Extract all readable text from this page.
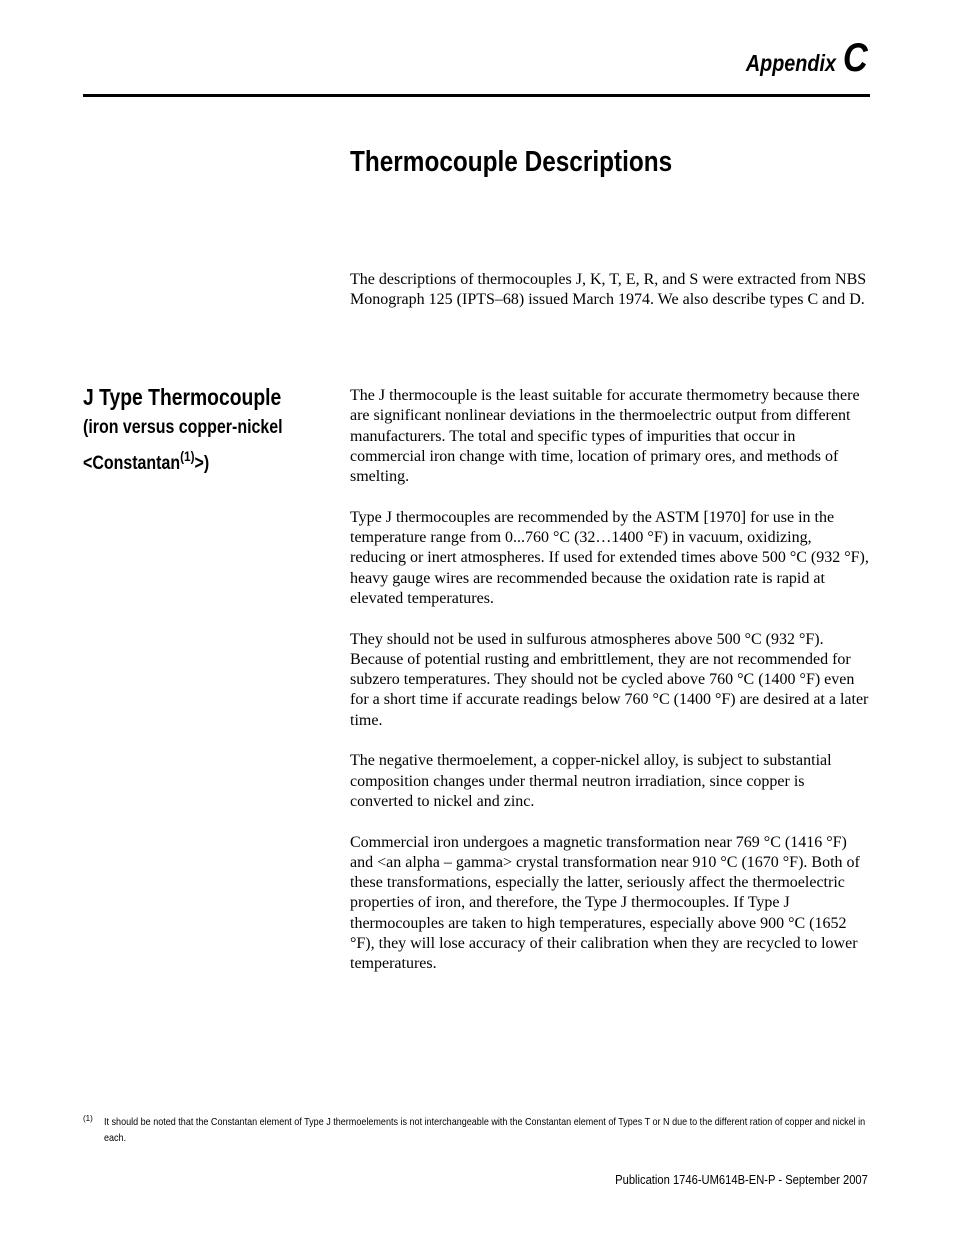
Appendix C
Thermocouple Descriptions

The descriptions of thermocouples J, K, T, E, R, and S were extracted from NBS Monograph 125 (IPTS–68) issued March 1974. We also describe types C and D.

J Type Thermocouple
(iron versus copper-nickel
<Constantan$^{(1)}$>)

The J thermocouple is the least suitable for accurate thermometry because there are significant nonlinear deviations in the thermoelectric output from different manufacturers. The total and specific types of impurities that occur in commercial iron change with time, location of primary ores, and methods of smelting.

Type J thermocouples are recommended by the ASTM [1970] for use in the temperature range from 0...760 °C (32…1400 °F) in vacuum, oxidizing, reducing or inert atmospheres. If used for extended times above 500 °C (932 °F), heavy gauge wires are recommended because the oxidation rate is rapid at elevated temperatures.

They should not be used in sulfurous atmospheres above 500 °C (932 °F). Because of potential rusting and embrittlement, they are not recommended for subzero temperatures. They should not be cycled above 760 °C (1400 °F) even for a short time if accurate readings below 760 °C (1400 °F) are desired at a later time.

The negative thermoelement, a copper-nickel alloy, is subject to substantial composition changes under thermal neutron irradiation, since copper is converted to nickel and zinc.

Commercial iron undergoes a magnetic transformation near 769 °C (1416 °F) and <an alpha – gamma> crystal transformation near 910 °C (1670 °F). Both of these transformations, especially the latter, seriously affect the thermoelectric properties of iron, and therefore, the Type J thermocouples. If Type J thermocouples are taken to high temperatures, especially above 900 °C (1652 °F), they will lose accuracy of their calibration when they are recycled to lower temperatures.

(1) It should be noted that the Constantan element of Type J thermoelements is not interchangeable with the Constantan element of Types T or N due to the different ration of copper and nickel in each.
Publication 1746-UM614B-EN-P - September 2007
